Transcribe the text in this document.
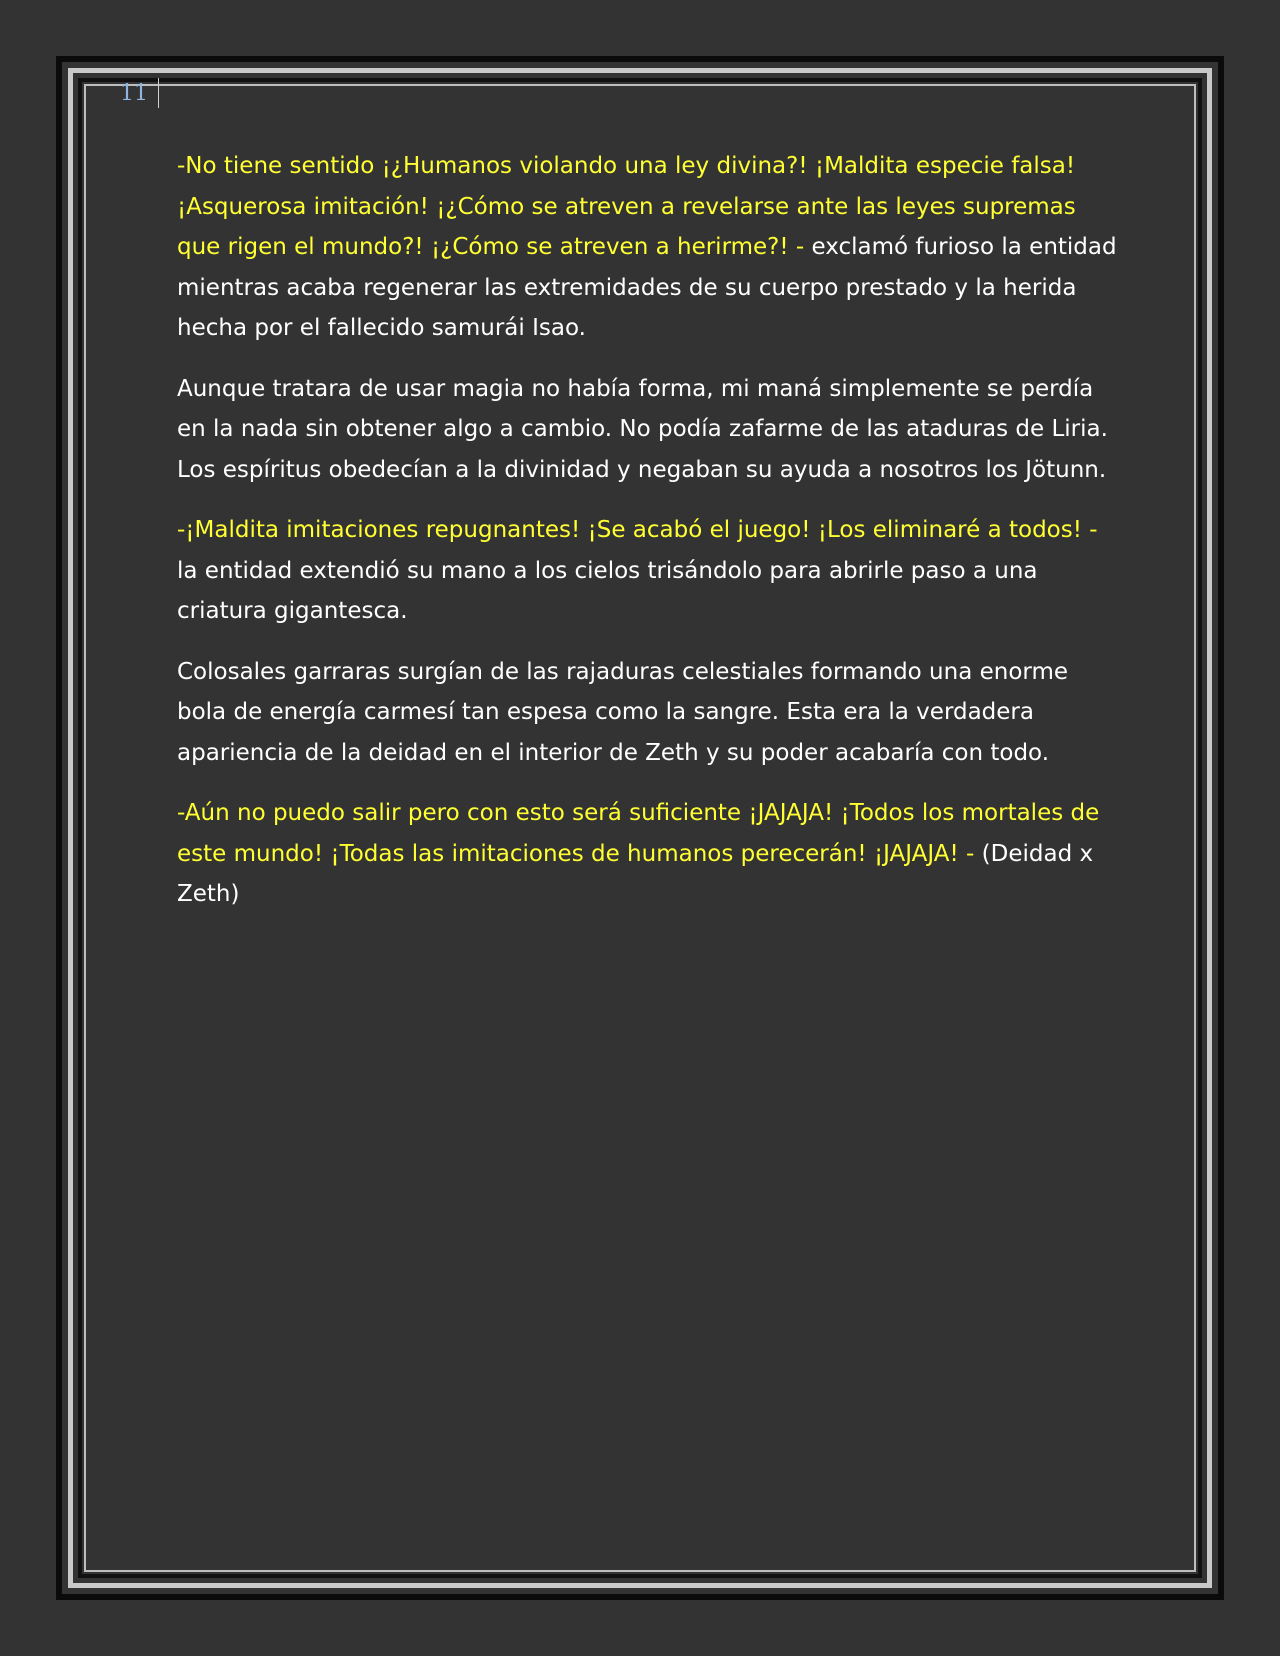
11

-No tiene sentido ¡¿Humanos violando una ley divina?! ¡Maldita especie falsa! ¡Asquerosa imitación! ¡¿Cómo se atreven a revelarse ante las leyes supremas que rigen el mundo?! ¡¿Cómo se atreven a herirme?! - exclamó furioso la entidad mientras acaba regenerar las extremidades de su cuerpo prestado y la herida hecha por el fallecido samurái Isao.

Aunque tratara de usar magia no había forma, mi maná simplemente se perdía en la nada sin obtener algo a cambio. No podía zafarme de las ataduras de Liria. Los espíritus obedecían a la divinidad y negaban su ayuda a nosotros los Jötunn.

-¡Maldita imitaciones repugnantes! ¡Se acabó el juego! ¡Los eliminaré a todos! - la entidad extendió su mano a los cielos trisándolo para abrirle paso a una criatura gigantesca.

Colosales garraras surgían de las rajaduras celestiales formando una enorme bola de energía carmesí tan espesa como la sangre. Esta era la verdadera apariencia de la deidad en el interior de Zeth y su poder acabaría con todo.

-Aún no puedo salir pero con esto será suficiente ¡JAJAJA! ¡Todos los mortales de este mundo! ¡Todas las imitaciones de humanos perecerán! ¡JAJAJA! - (Deidad x Zeth)
